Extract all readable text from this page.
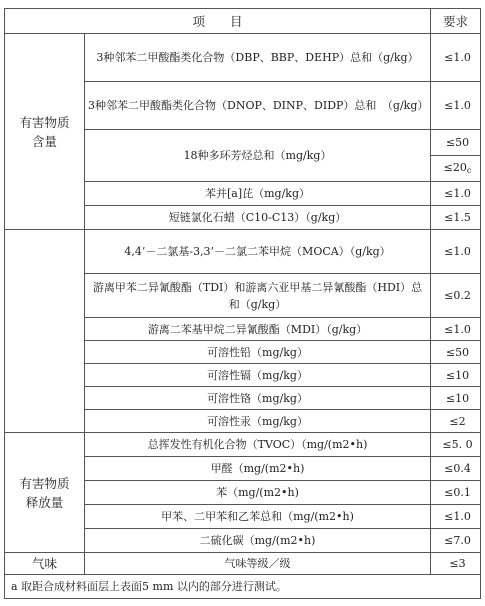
项　　目		要求
有害物质
含量	3种邻苯二甲酸酯类化合物（DBP、BBP、DEHP）总和（g/kg）	≤1.0
	3种邻苯二甲酸酯类化合物（DNOP、DINP、DIDP）总和　（g/kg）	≤1.0
	18种多环芳烃总和（mg/kg）	≤50
		$\le 20_c$
	苯并[a]芘（mg/kg）	≤1.0
	短链氯化石蜡（C10-C13）（g/kg）	≤1.5
	4,4’－二氯基-3,3’－二氯二苯甲烷（MOCA）（g/kg）	≤1.0
	游离甲苯二异氰酸酯（TDI）和游离六亚甲基二异氰酸酯（HDI）总和（g/kg）	≤0.2
	游离二苯基甲烷二异氰酸酯（MDI）（g/kg）	≤1.0
	可溶性铅（mg/kg）	≤50
	可溶性镉（mg/kg）	≤10
	可溶性铬（mg/kg）	≤10
	可溶性汞（mg/kg）	≤2
有害物质
释放量	总挥发性有机化合物（TVOC）（mg/(m2•h)	≤5. 0
	甲醛（mg/(m2•h)	≤0.4
	苯（mg/(m2•h)	≤0.1
	甲苯、二甲苯和乙苯总和（mg/(m2•h)	≤1.0
	二硫化碳（mg/(m2•h)	≤7.0
气味	气味等级／级	≤3
a 取距合成材料面层上表面5 mm 以内的部分进行测试。		
